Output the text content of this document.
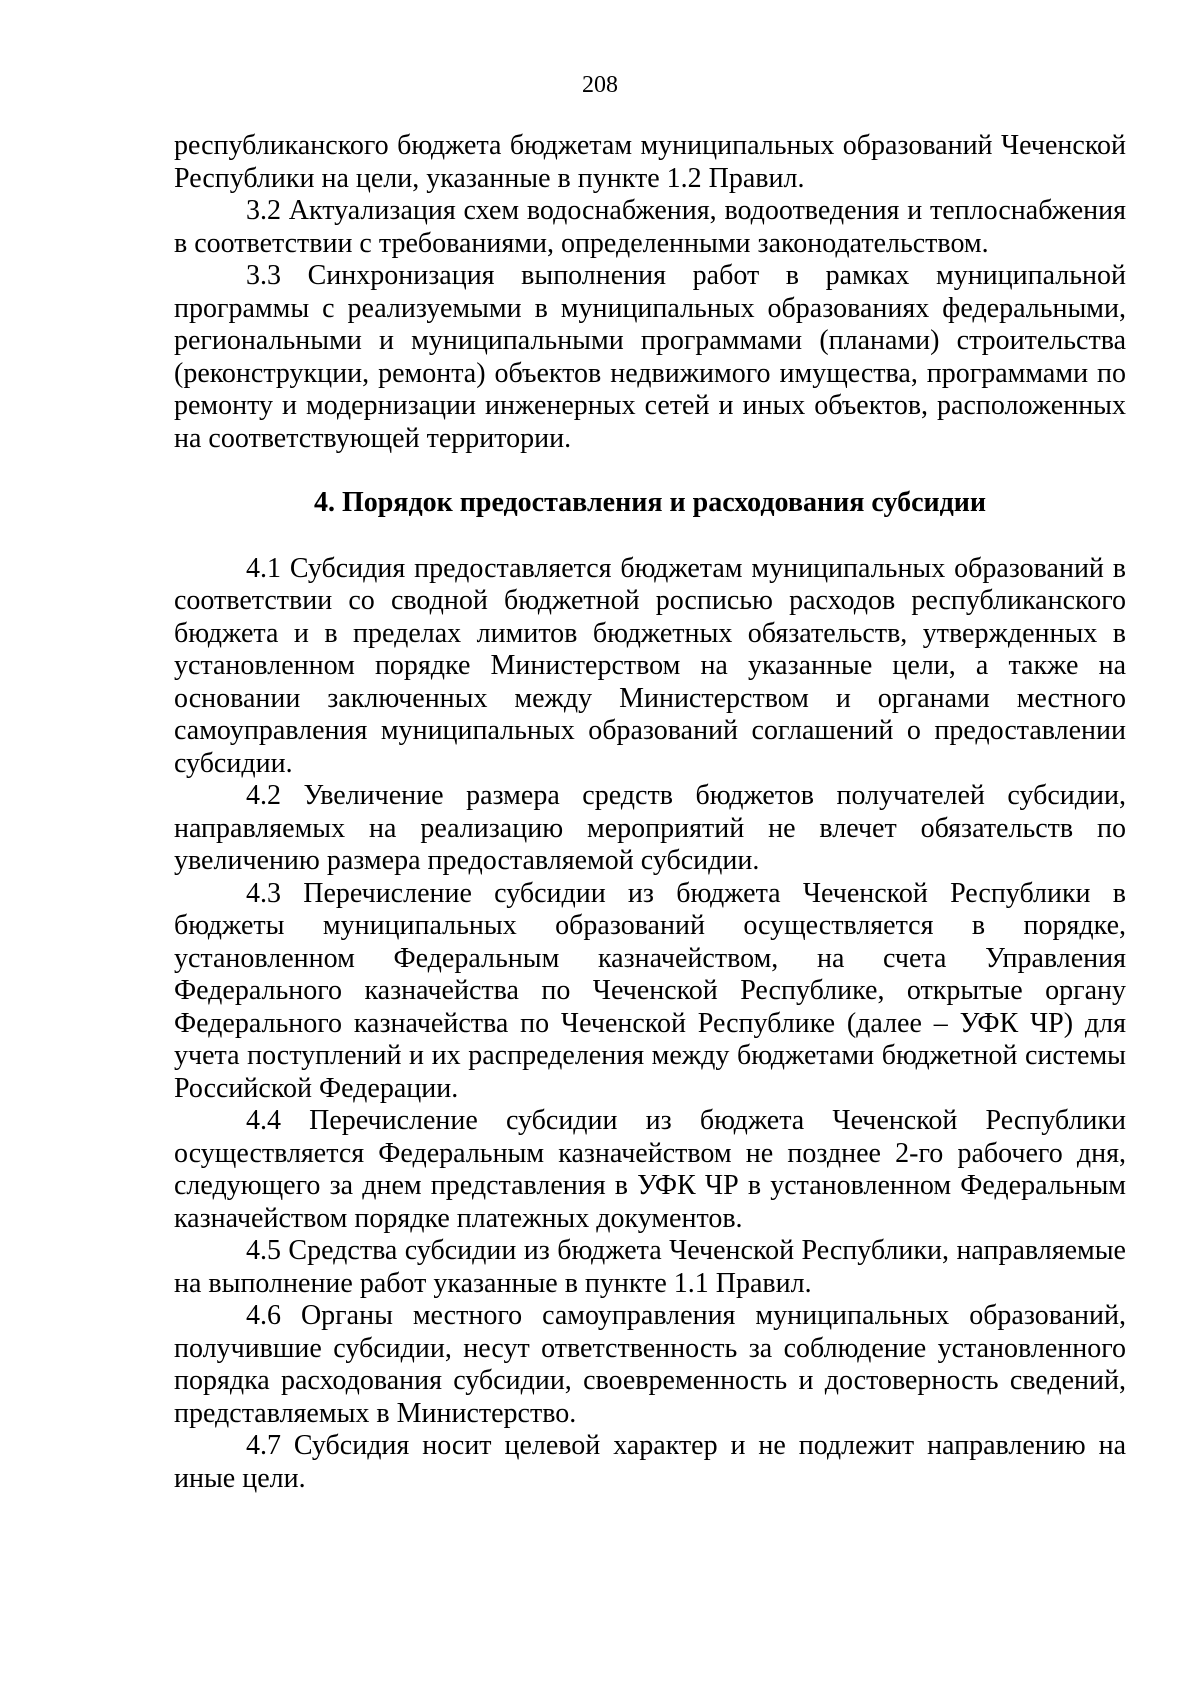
208

республиканского бюджета бюджетам муниципальных образований Чеченской Республики на цели, указанные в пункте 1.2 Правил.

3.2 Актуализация схем водоснабжения, водоотведения и теплоснабжения в соответствии с требованиями, определенными законодательством.

3.3 Синхронизация выполнения работ в рамках муниципальной программы с реализуемыми в муниципальных образованиях федеральными, региональными и муниципальными программами (планами) строительства (реконструкции, ремонта) объектов недвижимого имущества, программами по ремонту и модернизации инженерных сетей и иных объектов, расположенных на соответствующей территории.

4. Порядок предоставления и расходования субсидии

4.1 Субсидия предоставляется бюджетам муниципальных образований в соответствии со сводной бюджетной росписью расходов республиканского бюджета и в пределах лимитов бюджетных обязательств, утвержденных в установленном порядке Министерством на указанные цели, а также на основании заключенных между Министерством и органами местного самоуправления муниципальных образований соглашений о предоставлении субсидии.

4.2 Увеличение размера средств бюджетов получателей субсидии, направляемых на реализацию мероприятий не влечет обязательств по увеличению размера предоставляемой субсидии.

4.3 Перечисление субсидии из бюджета Чеченской Республики в бюджеты муниципальных образований осуществляется в порядке, установленном Федеральным казначейством, на счета Управления Федерального казначейства по Чеченской Республике, открытые органу Федерального казначейства по Чеченской Республике (далее – УФК ЧР) для учета поступлений и их распределения между бюджетами бюджетной системы Российской Федерации.

4.4 Перечисление субсидии из бюджета Чеченской Республики осуществляется Федеральным казначейством не позднее 2-го рабочего дня, следующего за днем представления в УФК ЧР в установленном Федеральным казначейством порядке платежных документов.

4.5 Средства субсидии из бюджета Чеченской Республики, направляемые на выполнение работ указанные в пункте 1.1 Правил.

4.6 Органы местного самоуправления муниципальных образований, получившие субсидии, несут ответственность за соблюдение установленного порядка расходования субсидии, своевременность и достоверность сведений, представляемых в Министерство.

4.7 Субсидия носит целевой характер и не подлежит направлению на иные цели.
